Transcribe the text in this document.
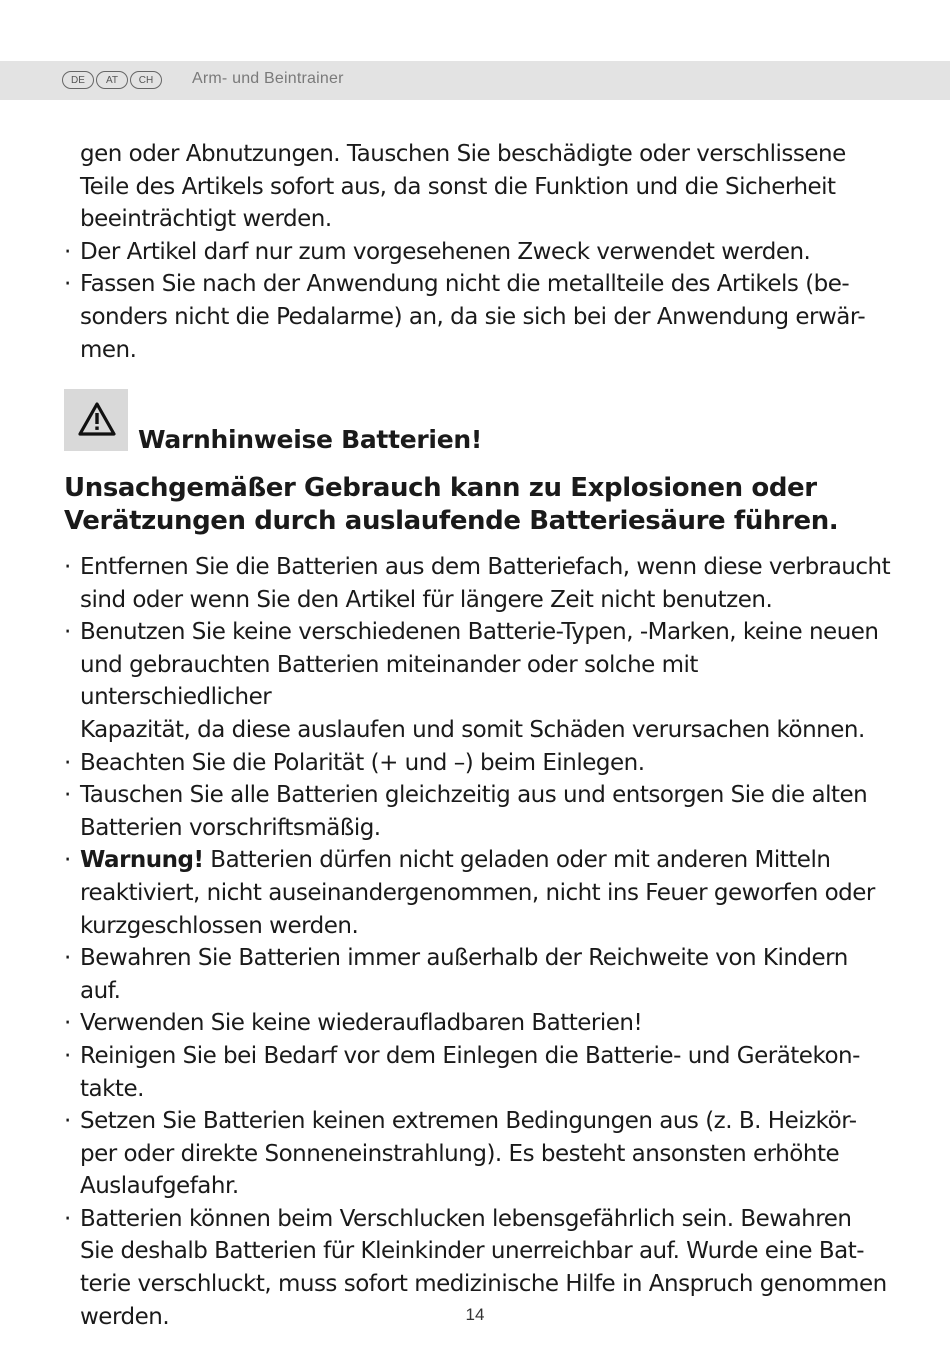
DE	AT	CH	Arm- und Beintrainer
gen oder Abnutzungen. Tauschen Sie beschädigte oder verschlissene
Teile des Artikels sofort aus, da sonst die Funktion und die Sicherheit
beeinträchtigt werden.
· Der Artikel darf nur zum vorgesehenen Zweck verwendet werden.
· Fassen Sie nach der Anwendung nicht die metallteile des Artikels (be-
sonders nicht die Pedalarme) an, da sie sich bei der Anwendung erwär-
men.
Warnhinweise Batterien!
Unsachgemäßer Gebrauch kann zu Explosionen oder
Verätzungen durch auslaufende Batteriesäure führen.
· Entfernen Sie die Batterien aus dem Batteriefach, wenn diese verbraucht
sind oder wenn Sie den Artikel für längere Zeit nicht benutzen.
· Benutzen Sie keine verschiedenen Batterie-Typen, -Marken, keine neuen
und gebrauchten Batterien miteinander oder solche mit unterschiedlicher
Kapazität, da diese auslaufen und somit Schäden verursachen können.
· Beachten Sie die Polarität (+ und –) beim Einlegen.
· Tauschen Sie alle Batterien gleichzeitig aus und entsorgen Sie die alten
Batterien vorschriftsmäßig.
· Warnung! Batterien dürfen nicht geladen oder mit anderen Mitteln
reaktiviert, nicht auseinandergenommen, nicht ins Feuer geworfen oder
kurzgeschlossen werden.
· Bewahren Sie Batterien immer außerhalb der Reichweite von Kindern
auf.
· Verwenden Sie keine wiederaufladbaren Batterien!
· Reinigen Sie bei Bedarf vor dem Einlegen die Batterie- und Gerätekon-
takte.
· Setzen Sie Batterien keinen extremen Bedingungen aus (z. B. Heizkör-
per oder direkte Sonneneinstrahlung). Es besteht ansonsten erhöhte
Auslaufgefahr.
· Batterien können beim Verschlucken lebensgefährlich sein. Bewahren
Sie deshalb Batterien für Kleinkinder unerreichbar auf. Wurde eine Bat-
terie verschluckt, muss sofort medizinische Hilfe in Anspruch genommen
werden.	14
